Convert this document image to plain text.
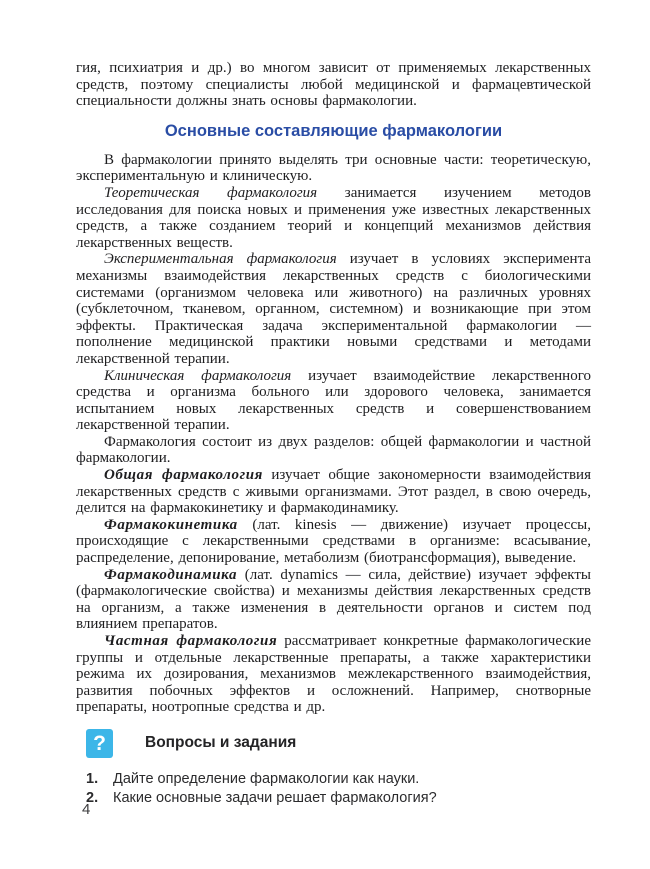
гия, психиатрия и др.) во многом зависит от применяемых лекарственных средств, поэтому специалисты любой медицинской и фармацевтической специальности должны знать основы фармакологии.

Основные составляющие фармакологии

В фармакологии принято выделять три основные части: теоретическую, экспериментальную и клиническую.

Теоретическая фармакология занимается изучением методов исследования для поиска новых и применения уже известных лекарственных средств, а также созданием теорий и концепций механизмов действия лекарственных веществ.

Экспериментальная фармакология изучает в условиях эксперимента механизмы взаимодействия лекарственных средств с биологическими системами (организмом человека или животного) на различных уровнях (субклеточном, тканевом, органном, системном) и возникающие при этом эффекты. Практическая задача экспериментальной фармакологии — пополнение медицинской практики новыми средствами и методами лекарственной терапии.

Клиническая фармакология изучает взаимодействие лекарственного средства и организма больного или здорового человека, занимается испытанием новых лекарственных средств и совершенствованием лекарственной терапии.

Фармакология состоит из двух разделов: общей фармакологии и частной фармакологии.

Общая фармакология изучает общие закономерности взаимодействия лекарственных средств с живыми организмами. Этот раздел, в свою очередь, делится на фармакокинетику и фармакодинамику.

Фармакокинетика (лат. kinesis — движение) изучает процессы, происходящие с лекарственными средствами в организме: всасывание, распределение, депонирование, метаболизм (биотрансформация), выведение.

Фармакодинамика (лат. dynamics — сила, действие) изучает эффекты (фармакологические свойства) и механизмы действия лекарственных средств на организм, а также изменения в деятельности органов и систем под влиянием препаратов.

Частная фармакология рассматривает конкретные фармакологические группы и отдельные лекарственные препараты, а также характеристики режима их дозирования, механизмов межлекарственного взаимодействия, развития побочных эффектов и осложнений. Например, снотворные препараты, ноотропные средства и др.

?	Вопросы и задания
1.	Дайте определение фармакологии как науки.
2.	Какие основные задачи решает фармакология?
4
